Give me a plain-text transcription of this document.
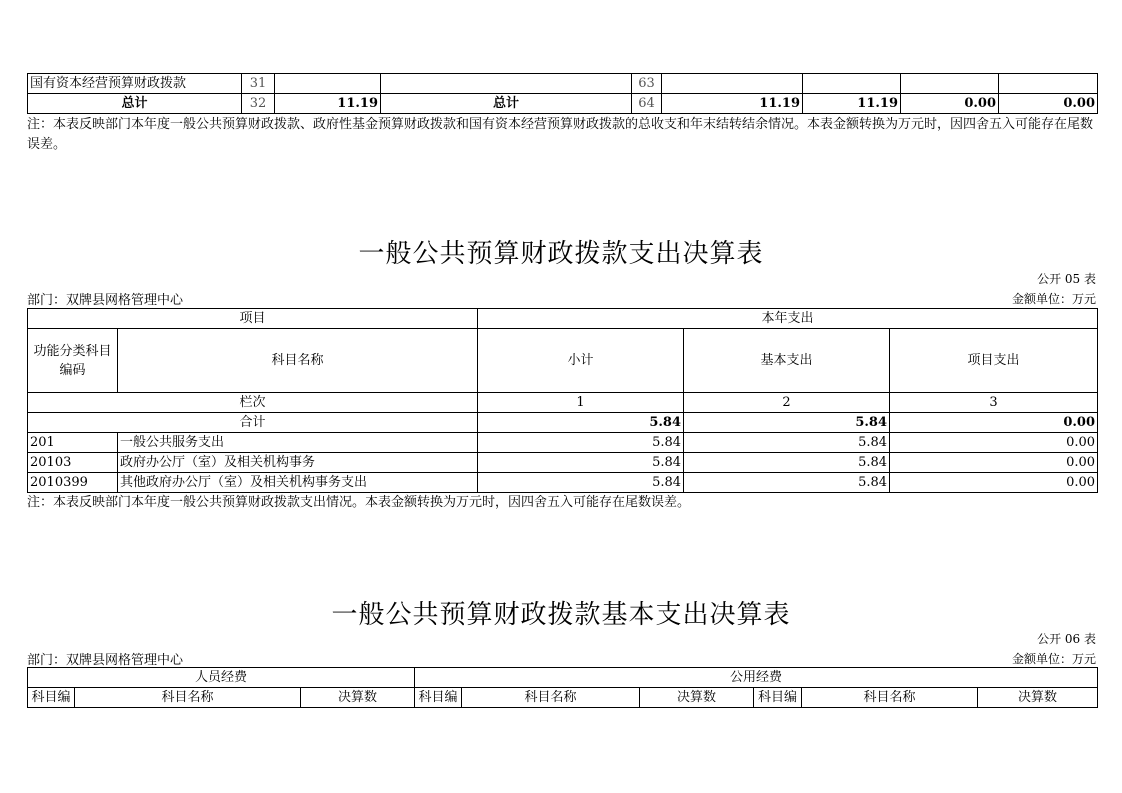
国有资本经营预算财政拨款	31			63				
总计	32	11.19	总计	64	11.19	11.19	0.00	0.00
注：本表反映部门本年度一般公共预算财政拨款、政府性基金预算财政拨款和国有资本经营预算财政拨款的总收支和年末结转结余情况。本表金额转换为万元时，因四舍五入可能存在尾数误差。
一般公共预算财政拨款支出决算表
公开 05 表
部门：双牌县网格管理中心	金额单位：万元
项目		本年支出		
功能分类科目编码	科目名称	小计	基本支出	项目支出
栏次		1	2	3
合计		5.84	5.84	0.00
201	一般公共服务支出	5.84	5.84	0.00
20103	政府办公厅（室）及相关机构事务	5.84	5.84	0.00
2010399	其他政府办公厅（室）及相关机构事务支出	5.84	5.84	0.00
注：本表反映部门本年度一般公共预算财政拨款支出情况。本表金额转换为万元时，因四舍五入可能存在尾数误差。
一般公共预算财政拨款基本支出决算表
公开 06 表
部门：双牌县网格管理中心	金额单位：万元
人员经费			公用经费					
科目编	科目名称	决算数	科目编	科目名称	决算数	科目编	科目名称	决算数
